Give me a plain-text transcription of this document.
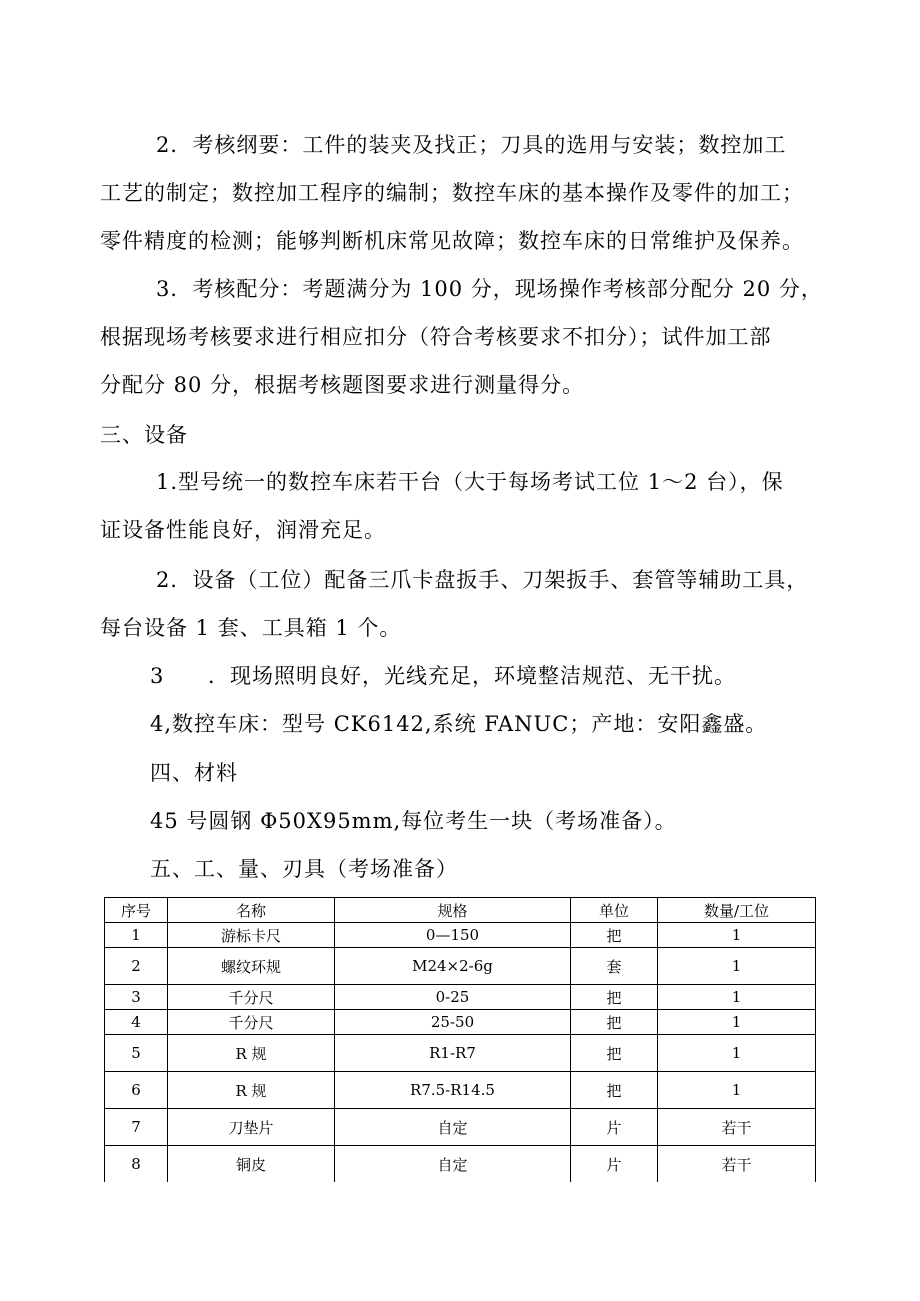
2．考核纲要：工件的装夹及找正；刀具的选用与安装；数控加工
工艺的制定；数控加工程序的编制；数控车床的基本操作及零件的加工；
零件精度的检测；能够判断机床常见故障；数控车床的日常维护及保养。
3．考核配分：考题满分为 100 分，现场操作考核部分配分 20 分，
根据现场考核要求进行相应扣分（符合考核要求不扣分）；试件加工部
分配分 80 分，根据考核题图要求进行测量得分。
三、设备
1.型号统一的数控车床若干台（大于每场考试工位 1～2 台），保
证设备性能良好，润滑充足。
2．设备（工位）配备三爪卡盘扳手、刀架扳手、套管等辅助工具，
每台设备 1 套、工具箱 1 个。
3 ．现场照明良好，光线充足，环境整洁规范、无干扰。
4,数控车床：型号 CK6142,系统 FANUC；产地：安阳鑫盛。
四、材料
45 号圆钢 Φ50X95mm,每位考生一块（考场准备）。
五、工、量、刃具（考场准备）
序号	名称	规格	单位	数量/工位
1	游标卡尺	0—150	把	1
2	螺纹环规	M24×2-6g	套	1
3	千分尺	0-25	把	1
4	千分尺	25-50	把	1
5	R 规	R1-R7	把	1
6	R 规	R7.5-R14.5	把	1
7	刀垫片	自定	片	若干
8	铜皮	自定	片	若干
